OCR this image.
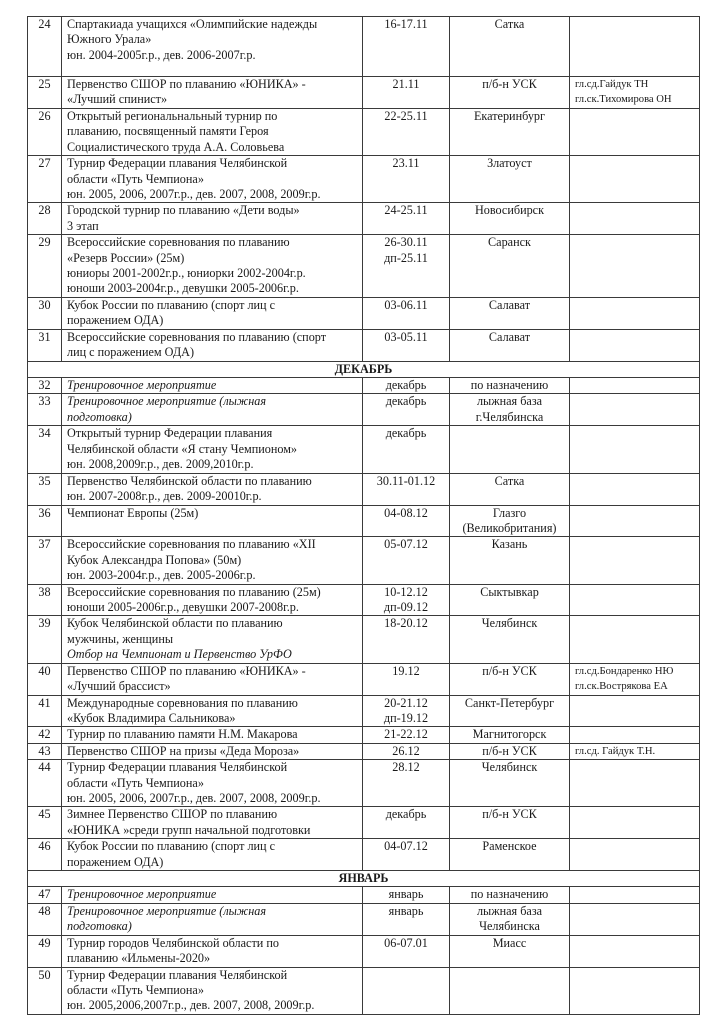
24	Спартакиада учащихся «Олимпийские надежды
Южного Урала»
юн. 2004-2005г.р., дев. 2006-2007г.р.	16-17.11	Сатка	

25	Первенство СШОР по плаванию «ЮНИКА» -
«Лучший спинист»	21.11	п/б-н УСК	гл.сд.Гайдук ТН
гл.ск.Тихомирова ОН

26	Открытый региональнальный турнир по
плаванию, посвященный памяти Героя
Социалистического труда А.А. Соловьева	22-25.11	Екатеринбург	

27	Турнир Федерации плавания Челябинской
области «Путь Чемпиона»
юн. 2005, 2006, 2007г.р., дев. 2007, 2008, 2009г.р.	23.11	Златоуст	

28	Городской турнир по плаванию «Дети воды»
3 этап	24-25.11	Новосибирск	

29	Всероссийские соревнования по плаванию
«Резерв России» (25м)
юниоры 2001-2002г.р., юниорки 2002-2004г.р.
юноши 2003-2004г.р., девушки 2005-2006г.р.	26-30.11
дп-25.11	Саранск	

30	Кубок России по плаванию (спорт лиц с
поражением ОДА)	03-06.11	Салават	

31	Всероссийские соревнования по плаванию (спорт
лиц с поражением ОДА)	03-05.11	Салават	

ДЕКАБРЬ				
32	Тренировочное мероприятие	декабрь	по назначению	

33	Тренировочное мероприятие (лыжная
подготовка)	декабрь	лыжная база
г.Челябинска	

34	Открытый турнир Федерации плавания
Челябинской области «Я стану Чемпионом»
юн. 2008,2009г.р., дев. 2009,2010г.р.	декабрь		

35	Первенство Челябинской области по плаванию
юн. 2007-2008г.р., дев. 2009-20010г.р.	30.11-01.12	Сатка	

36	Чемпионат Европы (25м)	04-08.12	Глазго
(Великобритания)	

37	Всероссийские соревнования по плаванию «XII
Кубок Александра Попова» (50м)
юн. 2003-2004г.р., дев. 2005-2006г.р.	05-07.12	Казань	

38	Всероссийские соревнования по плаванию (25м)
юноши 2005-2006г.р., девушки 2007-2008г.р.	10-12.12
дп-09.12	Сыктывкар	

39	Кубок Челябинской области по плаванию
мужчины, женщины
Отбор на Чемпионат и Первенство УрФО	18-20.12	Челябинск	

40	Первенство СШОР по плаванию «ЮНИКА» -
«Лучший брассист»	19.12	п/б-н УСК	гл.сд.Бондаренко НЮ
гл.ск.Вострякова ЕА

41	Международные соревнования по плаванию
«Кубок Владимира Сальникова»	20-21.12
дп-19.12	Санкт-Петербург	

42	Турнир по плаванию памяти Н.М. Макарова	21-22.12	Магнитогорск	

43	Первенство СШОР на призы «Деда Мороза»	26.12	п/б-н УСК	гл.сд. Гайдук Т.Н.

44	Турнир Федерации плавания Челябинской
области «Путь Чемпиона»
юн. 2005, 2006, 2007г.р., дев. 2007, 2008, 2009г.р.	28.12	Челябинск	

45	Зимнее Первенство СШОР по плаванию
«ЮНИКА »среди групп начальной подготовки	декабрь	п/б-н УСК	

46	Кубок России по плаванию (спорт лиц с
поражением ОДА)	04-07.12	Раменское	

ЯНВАРЬ				
47	Тренировочное мероприятие	январь	по назначению	

48	Тренировочное мероприятие (лыжная
подготовка)	январь	лыжная база
Челябинска	

49	Турнир городов Челябинской области по
плаванию «Ильмены-2020»	06-07.01	Миасс	

50	Турнир Федерации плавания Челябинской
области «Путь Чемпиона»
юн. 2005,2006,2007г.р., дев. 2007, 2008, 2009г.р.			
